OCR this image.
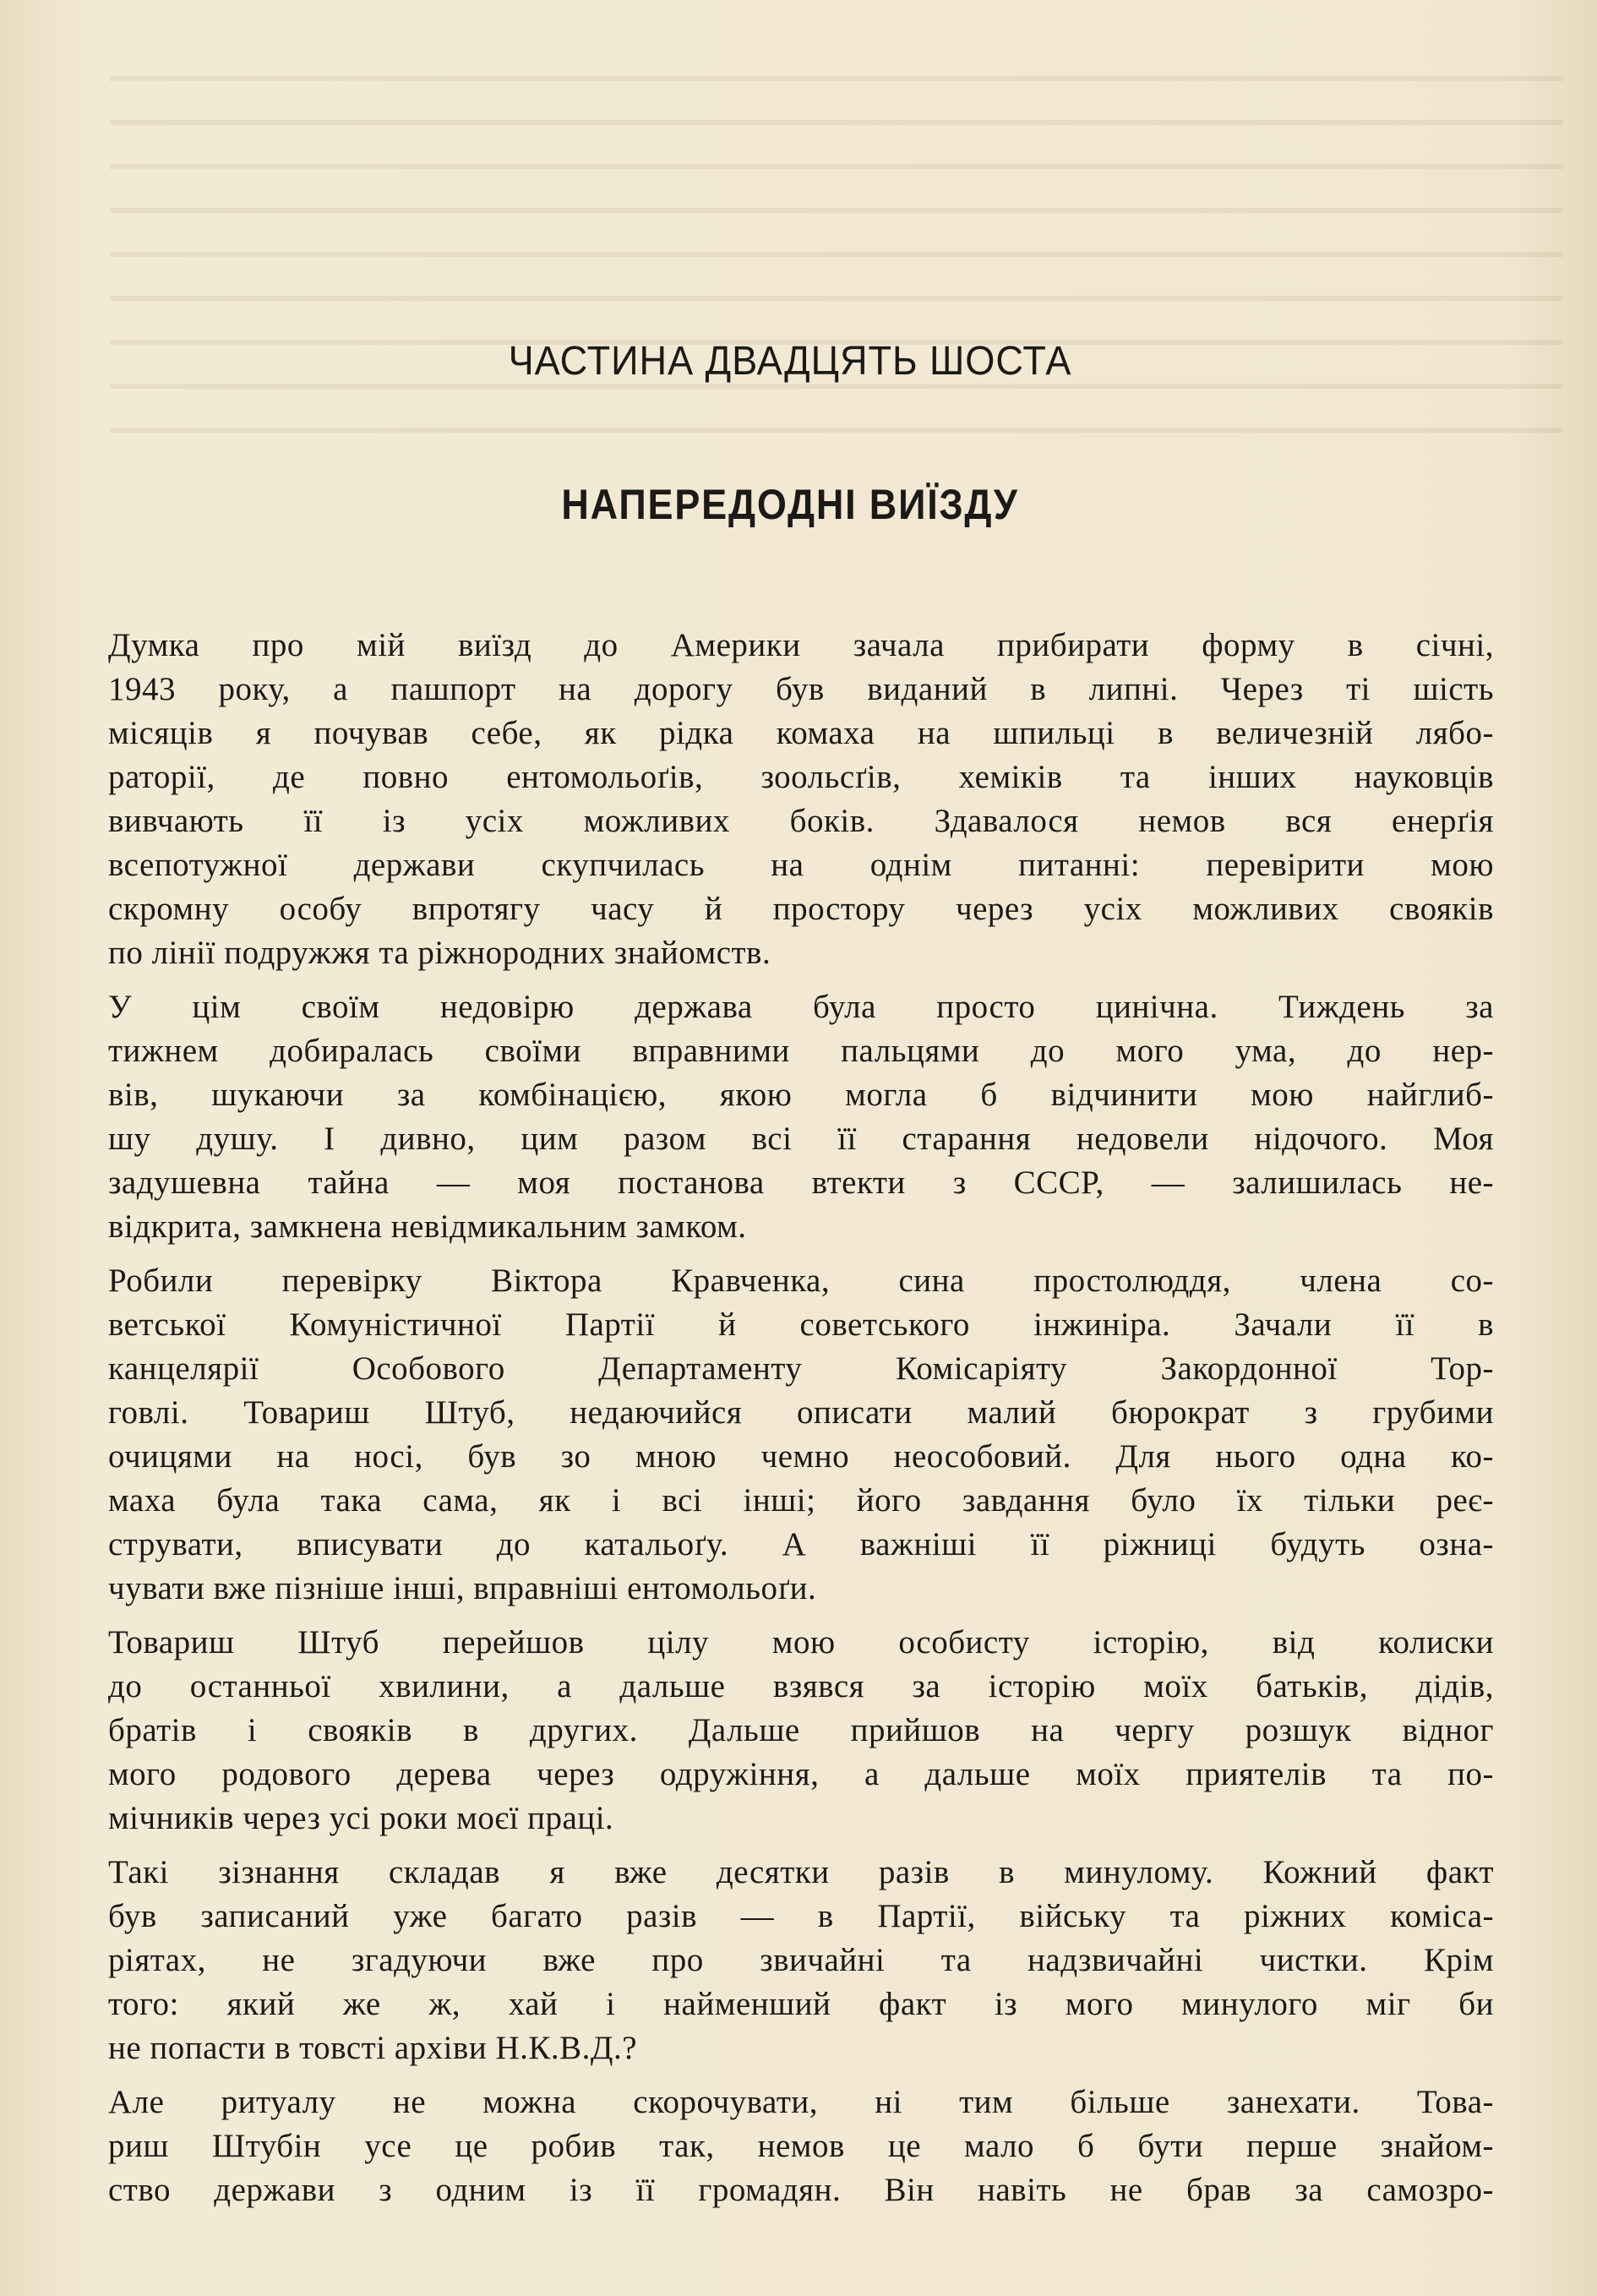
ЧАСТИНА ДВАДЦЯТЬ ШОСТА
НАПЕРЕДОДНІ ВИЇЗДУ

Думка про мій виїзд до Америки зачала прибирати форму в січні,
1943 року, а пашпорт на дорогу був виданий в липні. Через ті шість
місяців я почував себе, як рідка комаха на шпильці в величезній лябо-
раторії, де повно ентомольоґів, зоольсґів, хеміків та інших науковців
вивчають її із усіх можливих боків. Здавалося немов вся енерґія
всепотужної держави скупчилась на однім питанні: перевірити мою
скромну особу впротягу часу й простору через усіх можливих свояків
по лінії подружжя та ріжнородних знайомств.

У цім своїм недовірю держава була просто цинічна. Тиждень за
тижнем добиралась своїми вправними пальцями до мого ума, до нер-
вів, шукаючи за комбінацією, якою могла б відчинити мою найглиб-
шу душу. І дивно, цим разом всі її старання недовели нідочого. Моя
задушевна тайна — моя постанова втекти з СССР, — залишилась не-
відкрита, замкнена невідмикальним замком.

Робили перевірку Віктора Кравченка, сина простолюддя, члена со-
ветської Комуністичної Партії й советського інжиніра. Зачали її в
канцелярії Особового Департаменту Комісаріяту Закордонної Тор-
говлі. Товариш Штуб, недаючийся описати малий бюрократ з грубими
очицями на носі, був зо мною чемно неособовий. Для нього одна ко-
маха була така сама, як і всі інші; його завдання було їх тільки реє-
струвати, вписувати до катальоґу. А важніші її ріжниці будуть озна-
чувати вже пізніше інші, вправніші ентомольоґи.

Товариш Штуб перейшов цілу мою особисту історію, від колиски
до останньої хвилини, а дальше взявся за історію моїх батьків, дідів,
братів і свояків в других. Дальше прийшов на чергу розшук відног
мого родового дерева через одружіння, а дальше моїх приятелів та по-
мічників через усі роки моєї праці.

Такі зізнання складав я вже десятки разів в минулому. Кожний факт
був записаний уже багато разів — в Партії, війську та ріжних коміса-
ріятах, не згадуючи вже про звичайні та надзвичайні чистки. Крім
того: який же ж, хай і найменший факт із мого минулого міг би
не попасти в товсті архіви Н.К.В.Д.?

Але ритуалу не можна скорочувати, ні тим більше занехати. Това-
риш Штубін усе це робив так, немов це мало б бути перше знайом-
ство держави з одним із її громадян. Він навіть не брав за самозро-
